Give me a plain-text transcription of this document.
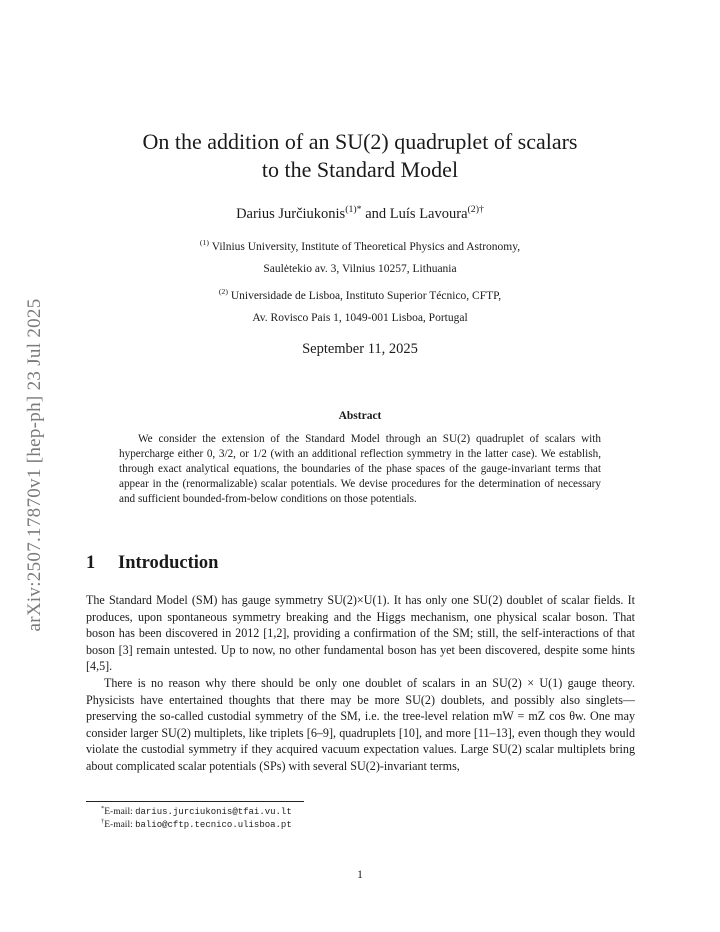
arXiv:2507.17870v1 [hep-ph] 23 Jul 2025
On the addition of an SU(2) quadruplet of scalars
to the Standard Model
Darius Jurčiukonis$^{(1)*}$ and Luís Lavoura$^{(2)\dagger}$
$^{(1)}$ Vilnius University, Institute of Theoretical Physics and Astronomy,
Saulėtekio av. 3, Vilnius 10257, Lithuania
$^{(2)}$ Universidade de Lisboa, Instituto Superior Técnico, CFTP,
Av. Rovisco Pais 1, 1049-001 Lisboa, Portugal
September 11, 2025
Abstract
We consider the extension of the Standard Model through an SU(2) quadruplet of scalars with hypercharge either 0, 3/2, or 1/2 (with an additional reflection symmetry in the latter case). We establish, through exact analytical equations, the boundaries of the phase spaces of the gauge-invariant terms that appear in the (renormalizable) scalar potentials. We devise procedures for the determination of necessary and sufficient bounded-from-below conditions on those potentials.
1 Introduction

The Standard Model (SM) has gauge symmetry SU(2)×U(1). It has only one SU(2) doublet of scalar fields. It produces, upon spontaneous symmetry breaking and the Higgs mechanism, one physical scalar boson. That boson has been discovered in 2012 [1,2], providing a confirmation of the SM; still, the self-interactions of that boson [3] remain untested. Up to now, no other fundamental boson has yet been discovered, despite some hints [4,5].

There is no reason why there should be only one doublet of scalars in an SU(2) × U(1) gauge theory. Physicists have entertained thoughts that there may be more SU(2) doublets, and possibly also singlets—preserving the so-called custodial symmetry of the SM, i.e. the tree-level relation mW = mZ cos θw. One may consider larger SU(2) multiplets, like triplets [6–9], quadruplets [10], and more [11–13], even though they would violate the custodial symmetry if they acquired vacuum expectation values. Large SU(2) scalar multiplets bring about complicated scalar potentials (SPs) with several SU(2)-invariant terms,

*E-mail: darius.jurciukonis@tfai.vu.lt
†E-mail: balio@cftp.tecnico.ulisboa.pt
1
